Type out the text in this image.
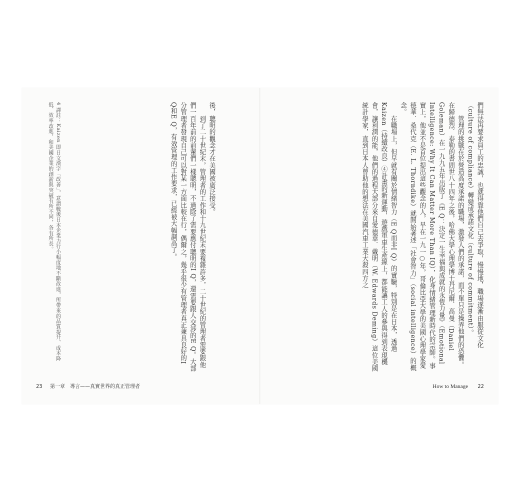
4 譯註：Kaizen 即日文漢字「改善」，意謂戰後日本企業力行小幅度地不斷改進，所帶來的品質提升、成本降低、效率改進，和美國企業的創新與突破有所不同，各有所長。	後，聰明的觀念才在美國被廣泛接受。
　　到了二十世紀末，管理者的工作和十九世紀末要複雜許多，二十世紀的管理者需要跟他們一百年前的前輩們一樣聰明，不過除了需要應付聰明的I Q，還需要跟人交涉的E Q。大部分管理者發現自己可以對某一方面比較在行，偶爾之，幾乎很少有管理者真正兼具良好的I Q和E Q，有效管理的工作要求，已經被大幅調高了。	們無法再要求員工的忠誠，也就得靠他們自己去爭取，慢慢地，職場逐漸由服從文化（culture of compliance）轉變成承諾文化（culture of commitment）。
　　管理的挑戰在於營造高度承諾的職場，激發人們的承諾，而不單只是操弄他們的恐懼。在歸德烈．泰勒的書問世八十四年之後，哈佛大學心理學博士丹尼爾．高曼（Daniel Goleman）在一九九五年出版了《E Q：決定一生幸福與成就的永恆力量》（Emotional Intelligence: Why It Can Matter More Than IQ），化身情緒管理新時代的宗師。事實上，他並不是首位提出這些觀念的人，早在一九一○年，哥倫比亞大學的美國心理學家愛德華．桑代克（E. L. Thorndike）就開始著述「社會智力」（social intelligence）的概念。
　　在職場上，但早就有關於情緒智力（E Q而非I Q）的實驗，特別是在日本，透過Kaizen（持續改良）④計畫的新運動，遊戲軍車生產線上，都能讓工人的參與得到表現機會，讓利潤的能，他們的過程大部分來自愛德華．戴明（W. Edwards Deming）這位美國統計學家，直到日本人曾助他的想法在美國汽車工業大殺四方之
23 第一章　導言——真實世界的真正管理者	How to Manage 22
